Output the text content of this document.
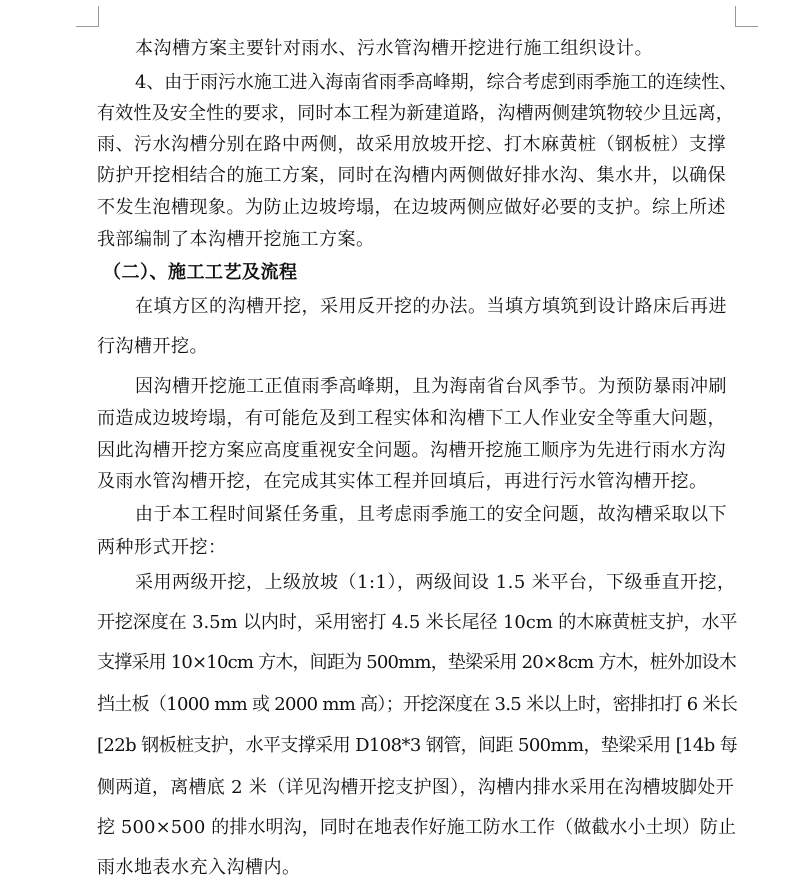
本沟槽方案主要针对雨水、污水管沟槽开挖进行施工组织设计。
4、由于雨污水施工进入海南省雨季高峰期，综合考虑到雨季施工的连续性、
有效性及安全性的要求，同时本工程为新建道路，沟槽两侧建筑物较少且远离，
雨、污水沟槽分别在路中两侧，故采用放坡开挖、打木麻黄桩（钢板桩）支撑
防护开挖相结合的施工方案，同时在沟槽内两侧做好排水沟、集水井，以确保
不发生泡槽现象。为防止边坡垮塌，在边坡两侧应做好必要的支护。综上所述
我部编制了本沟槽开挖施工方案。
（二）、施工工艺及流程
在填方区的沟槽开挖，采用反开挖的办法。当填方填筑到设计路床后再进
行沟槽开挖。
因沟槽开挖施工正值雨季高峰期，且为海南省台风季节。为预防暴雨冲刷
而造成边坡垮塌，有可能危及到工程实体和沟槽下工人作业安全等重大问题，
因此沟槽开挖方案应高度重视安全问题。沟槽开挖施工顺序为先进行雨水方沟
及雨水管沟槽开挖，在完成其实体工程并回填后，再进行污水管沟槽开挖。
由于本工程时间紧任务重，且考虑雨季施工的安全问题，故沟槽采取以下
两种形式开挖：
采用两级开挖，上级放坡（1:1），两级间设 1.5 米平台，下级垂直开挖，
开挖深度在 3.5m 以内时，采用密打 4.5 米长尾径 10cm 的木麻黄桩支护，水平
支撑采用 10×10cm 方木，间距为 500mm，垫梁采用 20×8cm 方木，桩外加设木
挡土板（1000 mm 或 2000 mm 高）；开挖深度在 3.5 米以上时，密排扣打 6 米长
[22b 钢板桩支护，水平支撑采用 D108*3 钢管，间距 500mm，垫梁采用 [14b 每
侧两道，离槽底 2 米（详见沟槽开挖支护图），沟槽内排水采用在沟槽坡脚处开
挖 500×500 的排水明沟，同时在地表作好施工防水工作（做截水小土坝）防止
雨水地表水充入沟槽内。
